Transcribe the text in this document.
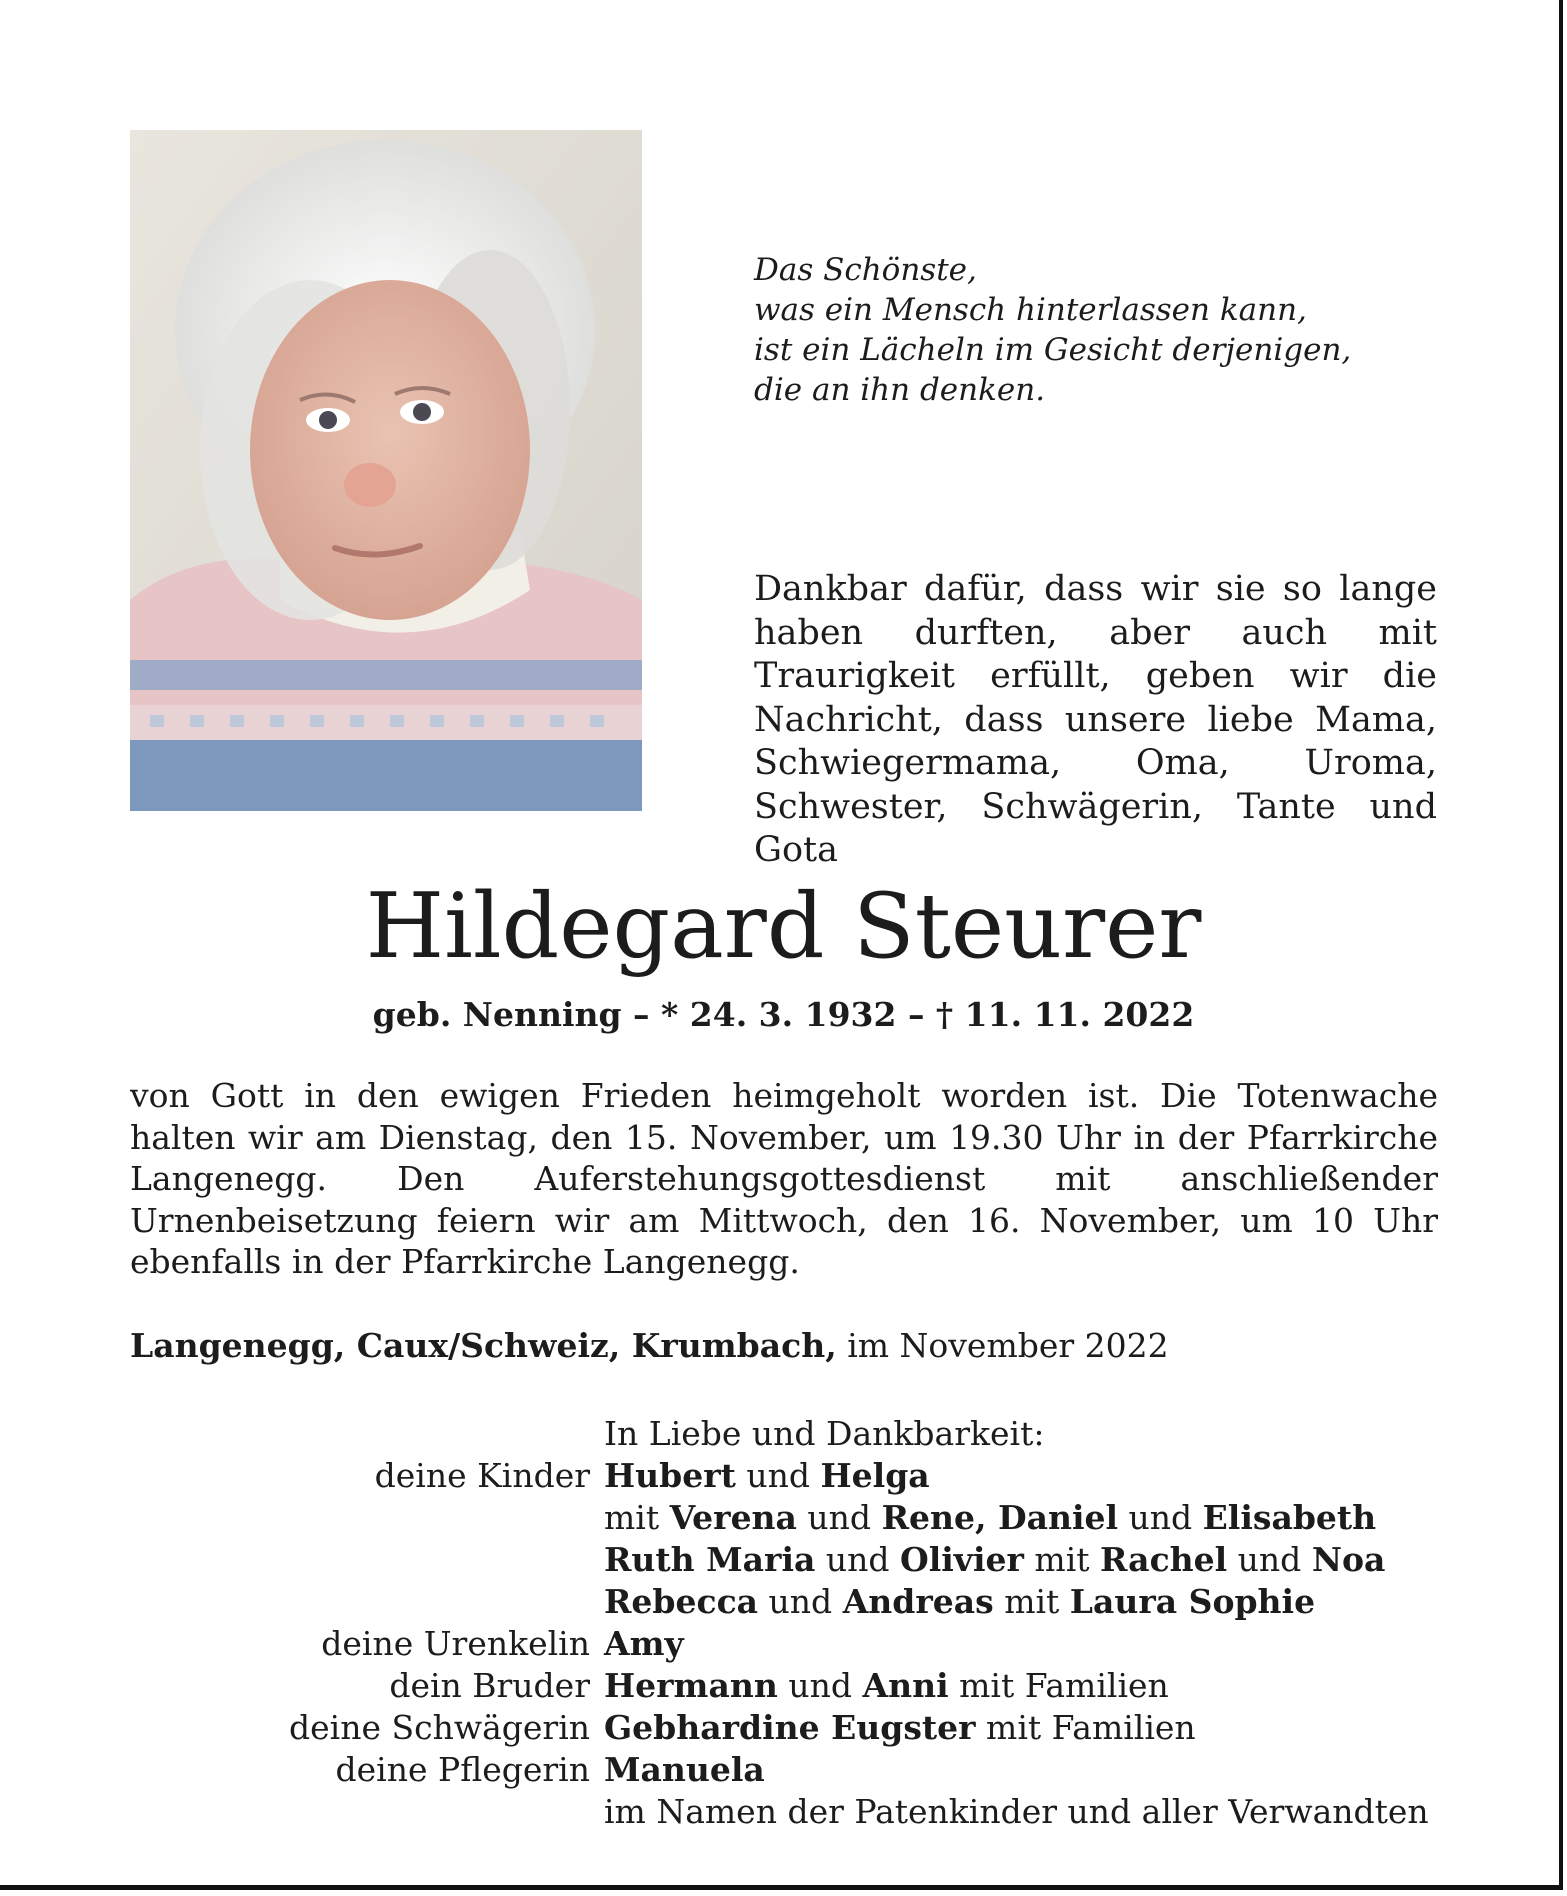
Das Schönste,
was ein Mensch hinterlassen kann,
ist ein Lächeln im Gesicht derjenigen,
die an ihn denken.
Dankbar dafür, dass wir sie so lange haben durften, aber auch mit Traurigkeit erfüllt, geben wir die Nachricht, dass unsere liebe Mama, Schwiegermama, Oma, Uroma, Schwester, Schwägerin, Tante und Gota
Hildegard Steurer
geb. Nenning – * 24. 3. 1932 – † 11. 11. 2022
von Gott in den ewigen Frieden heimgeholt worden ist. Die Totenwache halten wir am Dienstag, den 15. November, um 19.30 Uhr in der Pfarrkirche Langenegg. Den Auferstehungsgottesdienst mit anschließender Urnenbeisetzung feiern wir am Mittwoch, den 16. November, um 10 Uhr ebenfalls in der Pfarrkirche Langenegg.
Langenegg, Caux/Schweiz, Krumbach, im November 2022
In Liebe und Dankbarkeit:
deine Kinder Hubert und Helga
mit Verena und Rene, Daniel und Elisabeth
Ruth Maria und Olivier mit Rachel und Noa
Rebecca und Andreas mit Laura Sophie
deine Urenkelin Amy
dein Bruder Hermann und Anni mit Familien
deine Schwägerin Gebhardine Eugster mit Familien
deine Pflegerin Manuela
im Namen der Patenkinder und aller Verwandten
